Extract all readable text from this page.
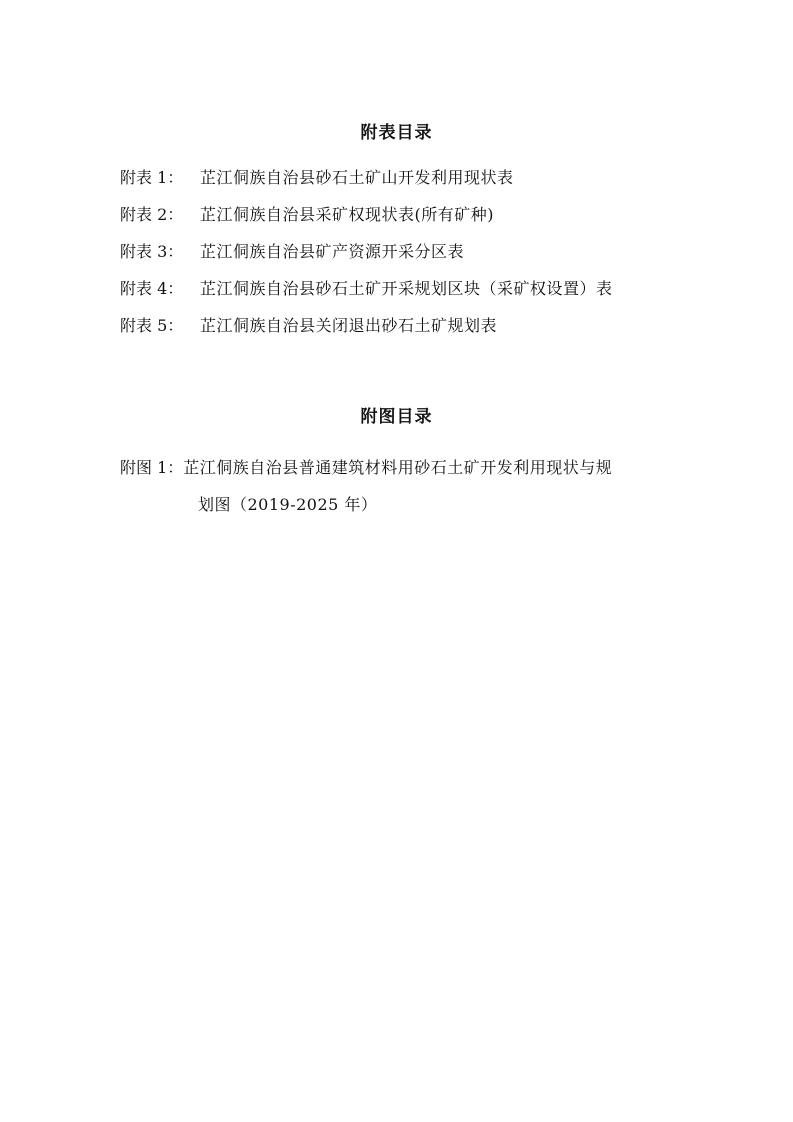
附表目录
附表 1： 芷江侗族自治县砂石土矿山开发利用现状表
附表 2： 芷江侗族自治县采矿权现状表(所有矿种)
附表 3： 芷江侗族自治县矿产资源开采分区表
附表 4： 芷江侗族自治县砂石土矿开采规划区块（采矿权设置）表
附表 5： 芷江侗族自治县关闭退出砂石土矿规划表
附图目录
附图 1：芷江侗族自治县普通建筑材料用砂石土矿开发利用现状与规
划图（2019-2025 年）
